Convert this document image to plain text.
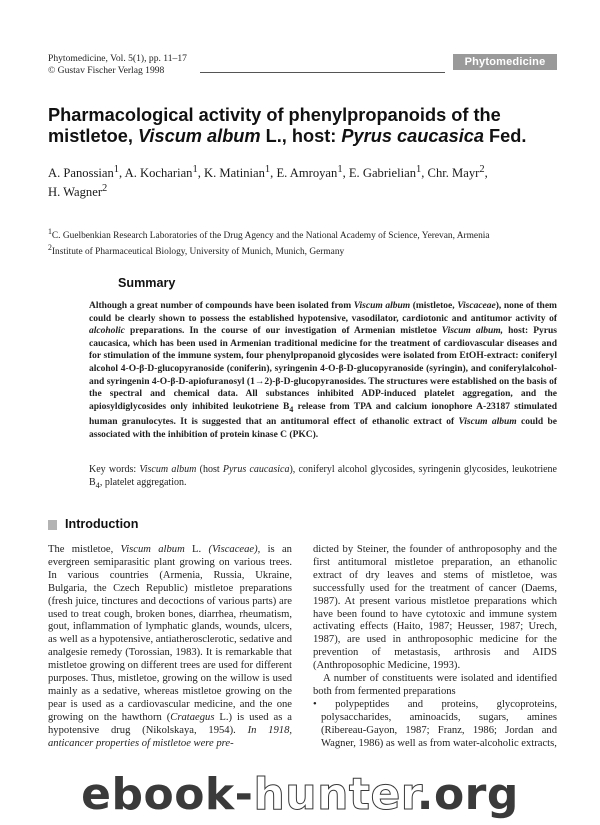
Phytomedicine, Vol. 5(1), pp. 11–17
© Gustav Fischer Verlag 1998
Phytomedicine
Pharmacological activity of phenylpropanoids of the mistletoe, Viscum album L., host: Pyrus caucasica Fed.
A. Panossian$^1$, A. Kocharian$^1$, K. Matinian$^1$, E. Amroyan$^1$, E. Gabrielian$^1$, Chr. Mayr$^2$,
H. Wagner$^2$
$^1$C. Guelbenkian Research Laboratories of the Drug Agency and the National Academy of Science, Yerevan, Armenia
$^2$Institute of Pharmaceutical Biology, University of Munich, Munich, Germany
Summary
Although a great number of compounds have been isolated from Viscum album (mistletoe, Viscaceae), none of them could be clearly shown to possess the established hypotensive, vasodilator, cardiotonic and antitumor activity of alcoholic preparations. In the course of our investigation of Armenian mistletoe Viscum album, host: Pyrus caucasica, which has been used in Armenian traditional medicine for the treatment of cardiovascular diseases and for stimulation of the immune system, four phenylpropanoid glycosides were isolated from EtOH-extract: coniferyl alcohol 4-O-β-D-glucopyranoside (coniferin), syringenin 4-O-β-D-glucopyranoside (syringin), and coniferylalcohol- and syringenin 4-O-β-D-apiofuranosyl (1→2)-β-D-glucopyranosides. The structures were established on the basis of the spectral and chemical data. All substances inhibited ADP-induced platelet aggregation, and the apiosyldiglycosides only inhibited leukotriene $B_4$ release from TPA and calcium ionophore A-23187 stimulated human granulocytes. It is suggested that an antitumoral effect of ethanolic extract of Viscum album could be associated with the inhibition of protein kinase C (PKC).
Key words: Viscum album (host Pyrus caucasica), coniferyl alcohol glycosides, syringenin glycosides, leukotriene $B_4$, platelet aggregation.
Introduction

The mistletoe, Viscum album L. (Viscaceae), is an evergreen semiparasitic plant growing on various trees. In various countries (Armenia, Russia, Ukraine, Bulgaria, the Czech Republic) mistletoe preparations (fresh juice, tinctures and decoctions of various parts) are used to treat cough, broken bones, diarrhea, rheumatism, gout, inflammation of lymphatic glands, wounds, ulcers, as well as a hypotensive, antiatherosclerotic, sedative and analgesie remedy (Torossian, 1983). It is remarkable that mistletoe growing on different trees are used for different purposes. Thus, mistletoe, growing on the willow is used mainly as a sedative, whereas mistletoe growing on the pear is used as a cardiovascular medicine, and the one growing on the hawthorn (Crataegus L.) is used as a hypotensive drug (Nikolskaya, 1954). In 1918, anticancer properties of mistletoe were pre-

dicted by Steiner, the founder of anthroposophy and the first antitumoral mistletoe preparation, an ethanolic extract of dry leaves and stems of mistletoe, was successfully used for the treatment of cancer (Daems, 1987). At present various mistletoe preparations which have been found to have cytotoxic and immune system activating effects (Haito, 1987; Heusser, 1987; Urech, 1987), are used in anthroposophic medicine for the prevention of metastasis, arthrosis and AIDS (Anthroposophic Medicine, 1993).

A number of constituents were isolated and identified both from fermented preparations

• polypeptides and proteins, glycoproteins, polysaccharides, aminoacids, sugars, amines (Ribereau-Gayon, 1987; Franz, 1986; Jordan and Wagner, 1986) as well as from water-alcoholic extracts,

ebook-hunter.org
